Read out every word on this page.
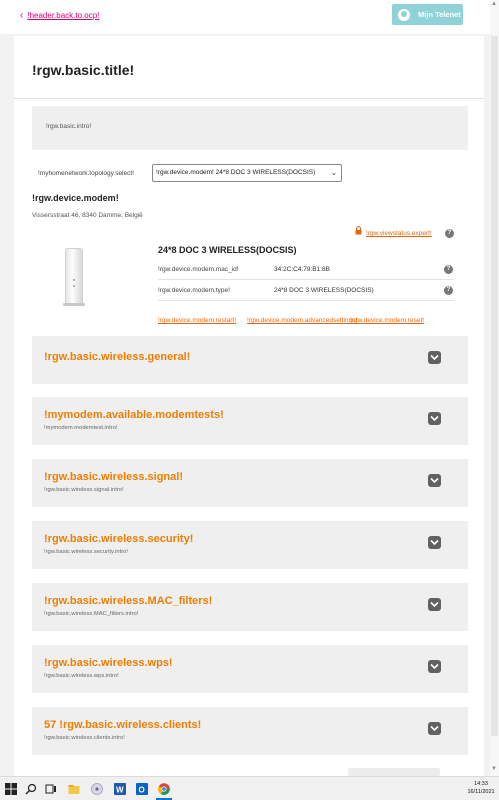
‹ !header.back.to.ocp!	Mijn Telenet
!rgw.basic.title!
!rgw.basic.intro!
!myhomenetwork.topology.select!	!rgw.device.modem! 24*8 DOC 3 WIRELESS(DOCSIS) ⌄
!rgw.device.modem!
Vissersstraat 46, 8340 Damme, België
!rgw.viewstatus.expert!	?
24*8 DOC 3 WIRELESS(DOCSIS)
!rgw.device.modem.mac_id!	34:2C:C4:79:B1:8B	?
!rgw.device.modem.type!	24*8 DOC 3 WIRELESS(DOCSIS)	?
!rgw.device.modem.restart! !rgw.device.modem.advancedsettings!
!rgw.device.modem.reset!
!rgw.basic.wireless.general!
!mymodem.available.modemtests!
!mymodem.modemtest.intro!
!rgw.basic.wireless.signal!
!rgw.basic.wireless.signal.intro!
!rgw.basic.wireless.security!
!rgw.basic.wireless.security.intro!
!rgw.basic.wireless.MAC_filters!
!rgw.basic.wireless.MAC_filters.intro!
!rgw.basic.wireless.wps!
!rgw.basic.wireless.wps.intro!
57 !rgw.basic.wireless.clients!
!rgw.basic.wireless.clients.intro!
▲
▼
W O
14:33
16/11/2021
